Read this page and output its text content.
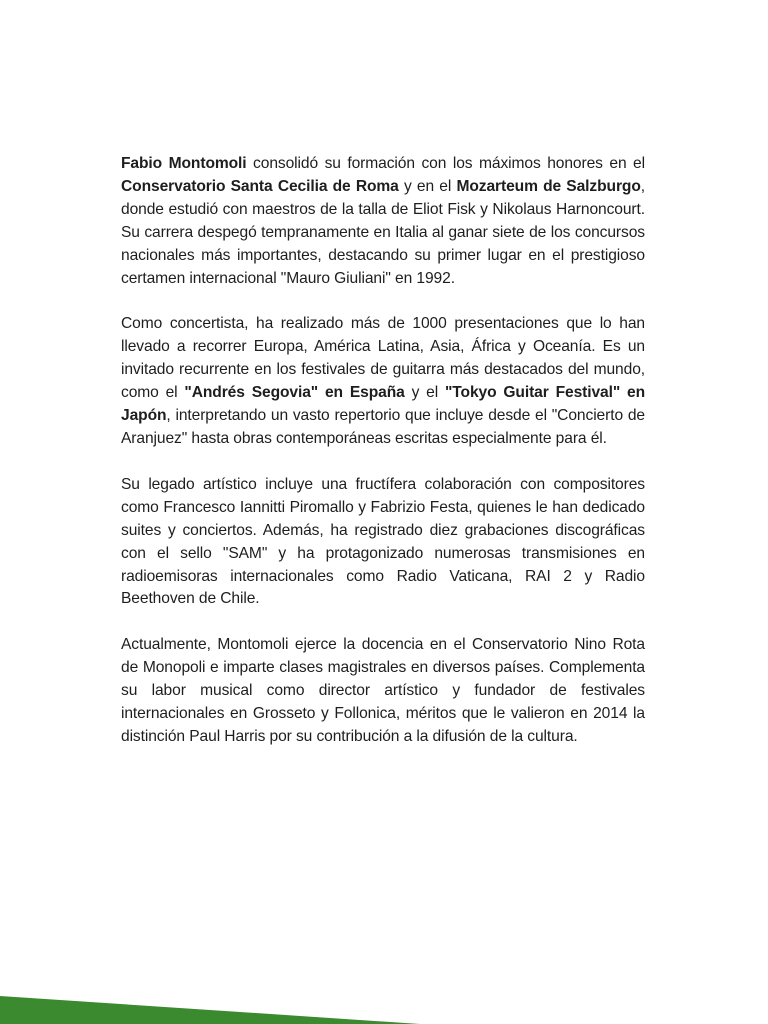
Fabio Montomoli consolidó su formación con los máximos honores en el Conservatorio Santa Cecilia de Roma y en el Mozarteum de Salzburgo, donde estudió con maestros de la talla de Eliot Fisk y Nikolaus Harnoncourt. Su carrera despegó tempranamente en Italia al ganar siete de los concursos nacionales más importantes, destacando su primer lugar en el prestigioso certamen internacional "Mauro Giuliani" en 1992.

Como concertista, ha realizado más de 1000 presentaciones que lo han llevado a recorrer Europa, América Latina, Asia, África y Oceanía. Es un invitado recurrente en los festivales de guitarra más destacados del mundo, como el "Andrés Segovia" en España y el "Tokyo Guitar Festival" en Japón, interpretando un vasto repertorio que incluye desde el "Concierto de Aranjuez" hasta obras contemporáneas escritas especialmente para él.

Su legado artístico incluye una fructífera colaboración con compositores como Francesco Iannitti Piromallo y Fabrizio Festa, quienes le han dedicado suites y conciertos. Además, ha registrado diez grabaciones discográficas con el sello "SAM" y ha protagonizado numerosas transmisiones en radioemisoras internacionales como Radio Vaticana, RAI 2 y Radio Beethoven de Chile.

Actualmente, Montomoli ejerce la docencia en el Conservatorio Nino Rota de Monopoli e imparte clases magistrales en diversos países. Complementa su labor musical como director artístico y fundador de festivales internacionales en Grosseto y Follonica, méritos que le valieron en 2014 la distinción Paul Harris por su contribución a la difusión de la cultura.
